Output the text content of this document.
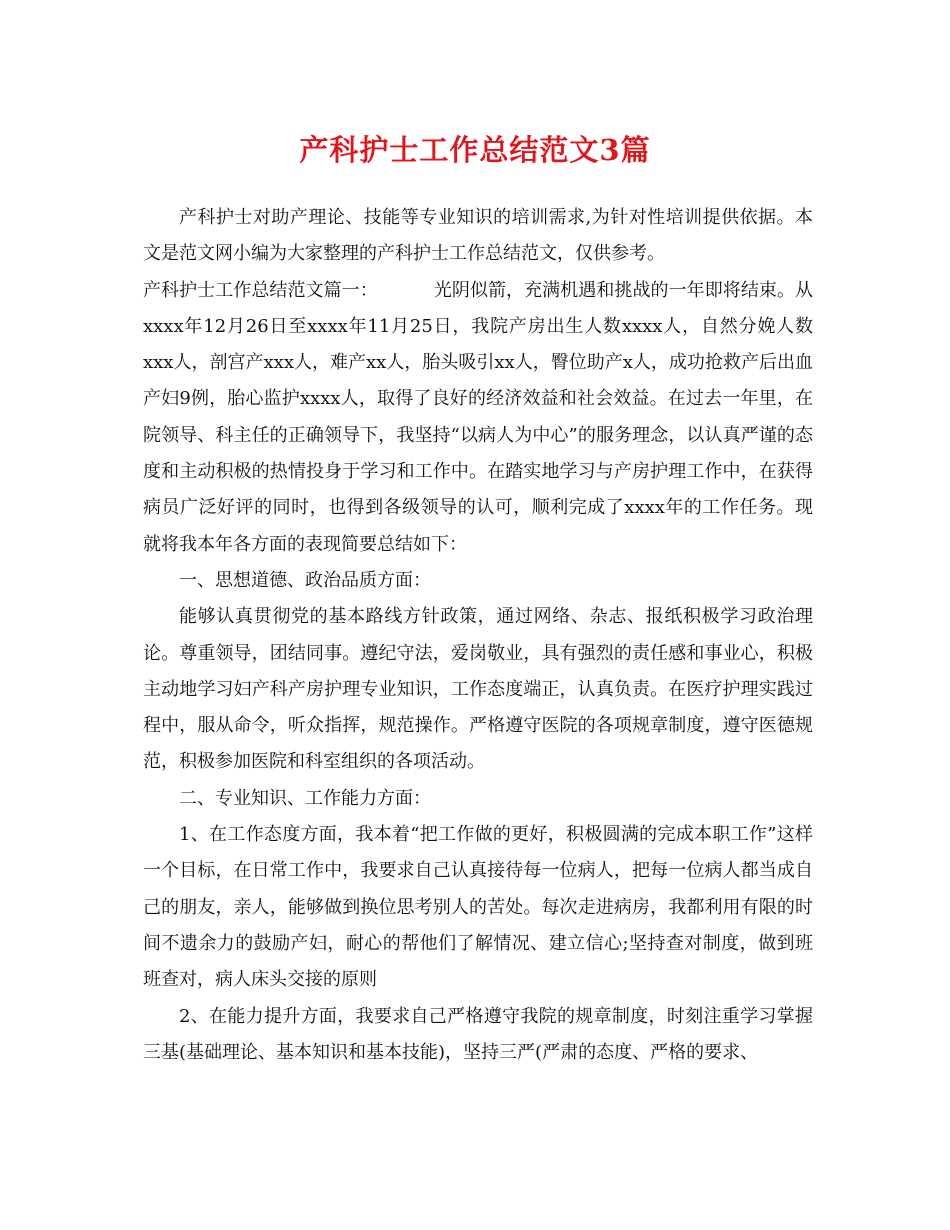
产科护士工作总结范文3篇

产科护士对助产理论、技能等专业知识的培训需求,为针对性培训提供依据。本文是范文网小编为大家整理的产科护士工作总结范文，仅供参考。

产科护士工作总结范文篇一：	光阴似箭，充满机遇和挑战的一年即将结束。从xxxx年12月26日至xxxx年11月25日，我院产房出生人数xxxx人，自然分娩人数xxx人，剖宫产xxx人，难产xx人，胎头吸引xx人，臀位助产x人，成功抢救产后出血产妇9例，胎心监护xxxx人，取得了良好的经济效益和社会效益。在过去一年里，在院领导、科主任的正确领导下，我坚持“以病人为中心”的服务理念，以认真严谨的态度和主动积极的热情投身于学习和工作中。在踏实地学习与产房护理工作中，在获得病员广泛好评的同时，也得到各级领导的认可，顺利完成了xxxx年的工作任务。现就将我本年各方面的表现简要总结如下：

一、思想道德、政治品质方面：

能够认真贯彻党的基本路线方针政策，通过网络、杂志、报纸积极学习政治理论。尊重领导，团结同事。遵纪守法，爱岗敬业，具有强烈的责任感和事业心，积极主动地学习妇产科产房护理专业知识，工作态度端正，认真负责。在医疗护理实践过程中，服从命令，听众指挥，规范操作。严格遵守医院的各项规章制度，遵守医德规范，积极参加医院和科室组织的各项活动。

二、专业知识、工作能力方面：

1、在工作态度方面，我本着“把工作做的更好，积极圆满的完成本职工作”这样一个目标，在日常工作中，我要求自己认真接待每一位病人，把每一位病人都当成自己的朋友，亲人，能够做到换位思考别人的苦处。每次走进病房，我都利用有限的时间不遗余力的鼓励产妇，耐心的帮他们了解情况、建立信心;坚持查对制度，做到班班查对，病人床头交接的原则

2、在能力提升方面，我要求自己严格遵守我院的规章制度，时刻注重学习掌握三基(基础理论、基本知识和基本技能)，坚持三严(严肃的态度、严格的要求、
